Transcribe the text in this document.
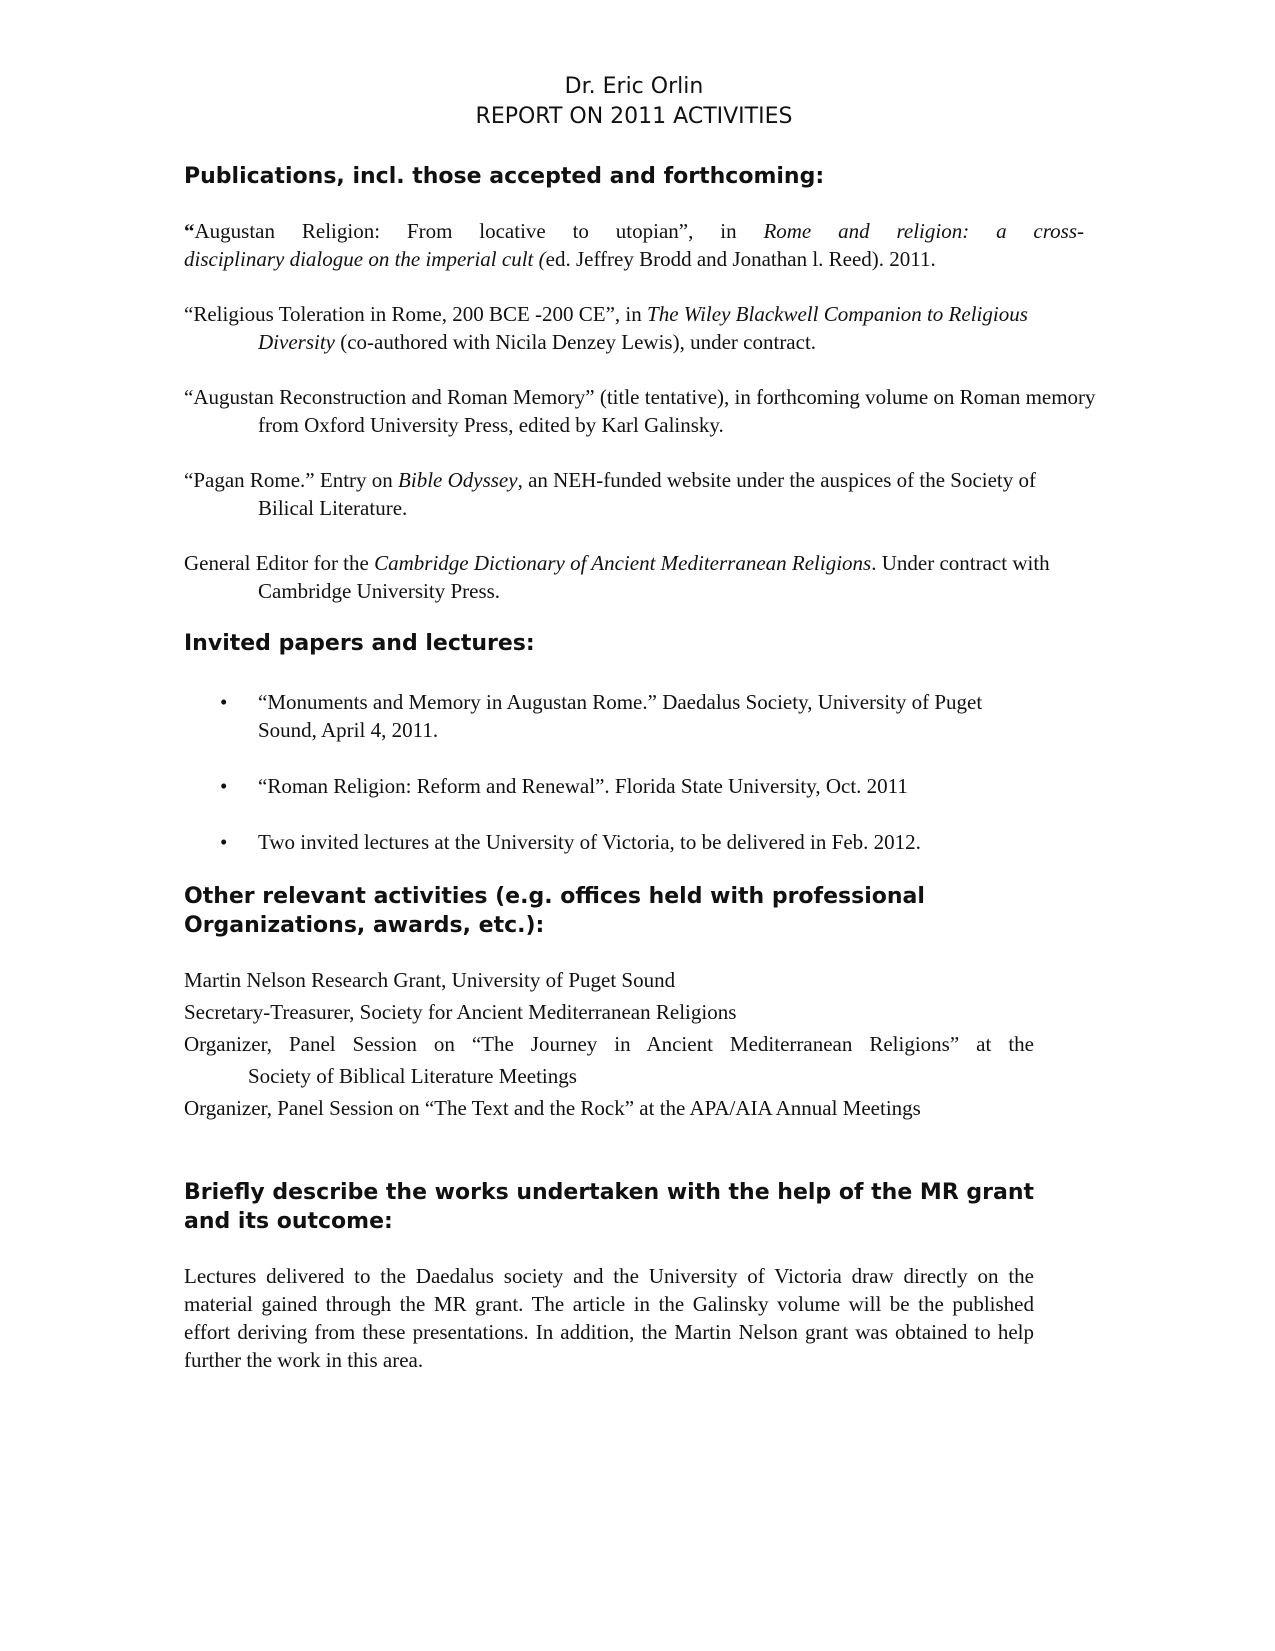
Dr. Eric Orlin
REPORT ON 2011 ACTIVITIES
Publications, incl. those accepted and forthcoming:

“Augustan Religion: From locative to utopian”, in Rome and religion: a cross-

disciplinary dialogue on the imperial cult (ed. Jeffrey Brodd and Jonathan l. Reed). 2011.

“Religious Toleration in Rome, 200 BCE -200 CE”, in The Wiley Blackwell Companion to Religious Diversity (co-authored with Nicila Denzey Lewis), under contract.

“Augustan Reconstruction and Roman Memory” (title tentative), in forthcoming volume on Roman memory from Oxford University Press, edited by Karl Galinsky.

“Pagan Rome.” Entry on Bible Odyssey, an NEH-funded website under the auspices of the Society of Bilical Literature.

General Editor for the Cambridge Dictionary of Ancient Mediterranean Religions. Under contract with Cambridge University Press.

Invited papers and lectures:
• “Monuments and Memory in Augustan Rome.” Daedalus Society, University of Puget Sound, April 4, 2011.
• “Roman Religion: Reform and Renewal”. Florida State University, Oct. 2011
• Two invited lectures at the University of Victoria, to be delivered in Feb. 2012.
Other relevant activities (e.g. offices held with professional
Organizations, awards, etc.):

Martin Nelson Research Grant, University of Puget Sound

Secretary-Treasurer, Society for Ancient Mediterranean Religions

Organizer, Panel Session on “The Journey in Ancient Mediterranean Religions” at the

Society of Biblical Literature Meetings

Organizer, Panel Session on “The Text and the Rock” at the APA/AIA Annual Meetings

Briefly describe the works undertaken with the help of the MR grant
and its outcome:

Lectures delivered to the Daedalus society and the University of Victoria draw directly on the material gained through the MR grant. The article in the Galinsky volume will be the published effort deriving from these presentations. In addition, the Martin Nelson grant was obtained to help further the work in this area.
